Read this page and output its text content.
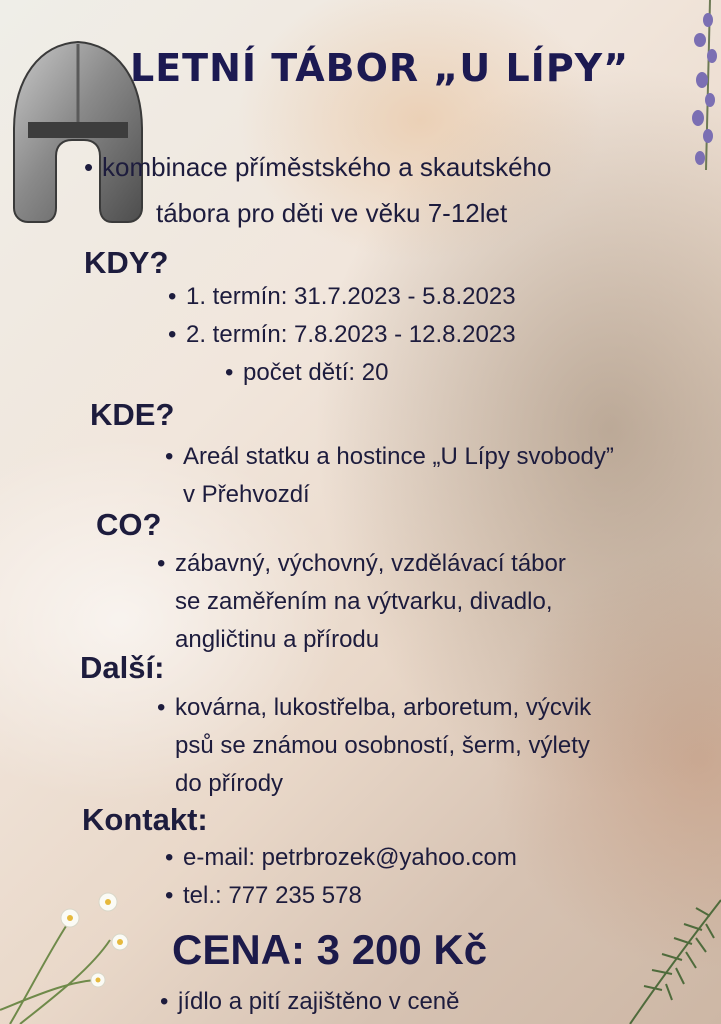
LETNÍ TÁBOR „U LÍPY”
• kombinace příměstského a skautského
tábora pro děti ve věku 7-12let
KDY?
• 1. termín: 31.7.2023 - 5.8.2023
• 2. termín: 7.8.2023 - 12.8.2023
• počet dětí: 20
KDE?
• Areál statku a hostince „U Lípy svobody”
v Přehvozdí
CO?
• zábavný, výchovný, vzdělávací tábor
se zaměřením na výtvarku, divadlo,
angličtinu a přírodu
Další:
• kovárna, lukostřelba, arboretum, výcvik
psů se známou osobností, šerm, výlety
do přírody
Kontakt:
• e-mail: petrbrozek@yahoo.com
• tel.: 777 235 578
CENA: 3 200 Kč
• jídlo a pití zajištěno v ceně
